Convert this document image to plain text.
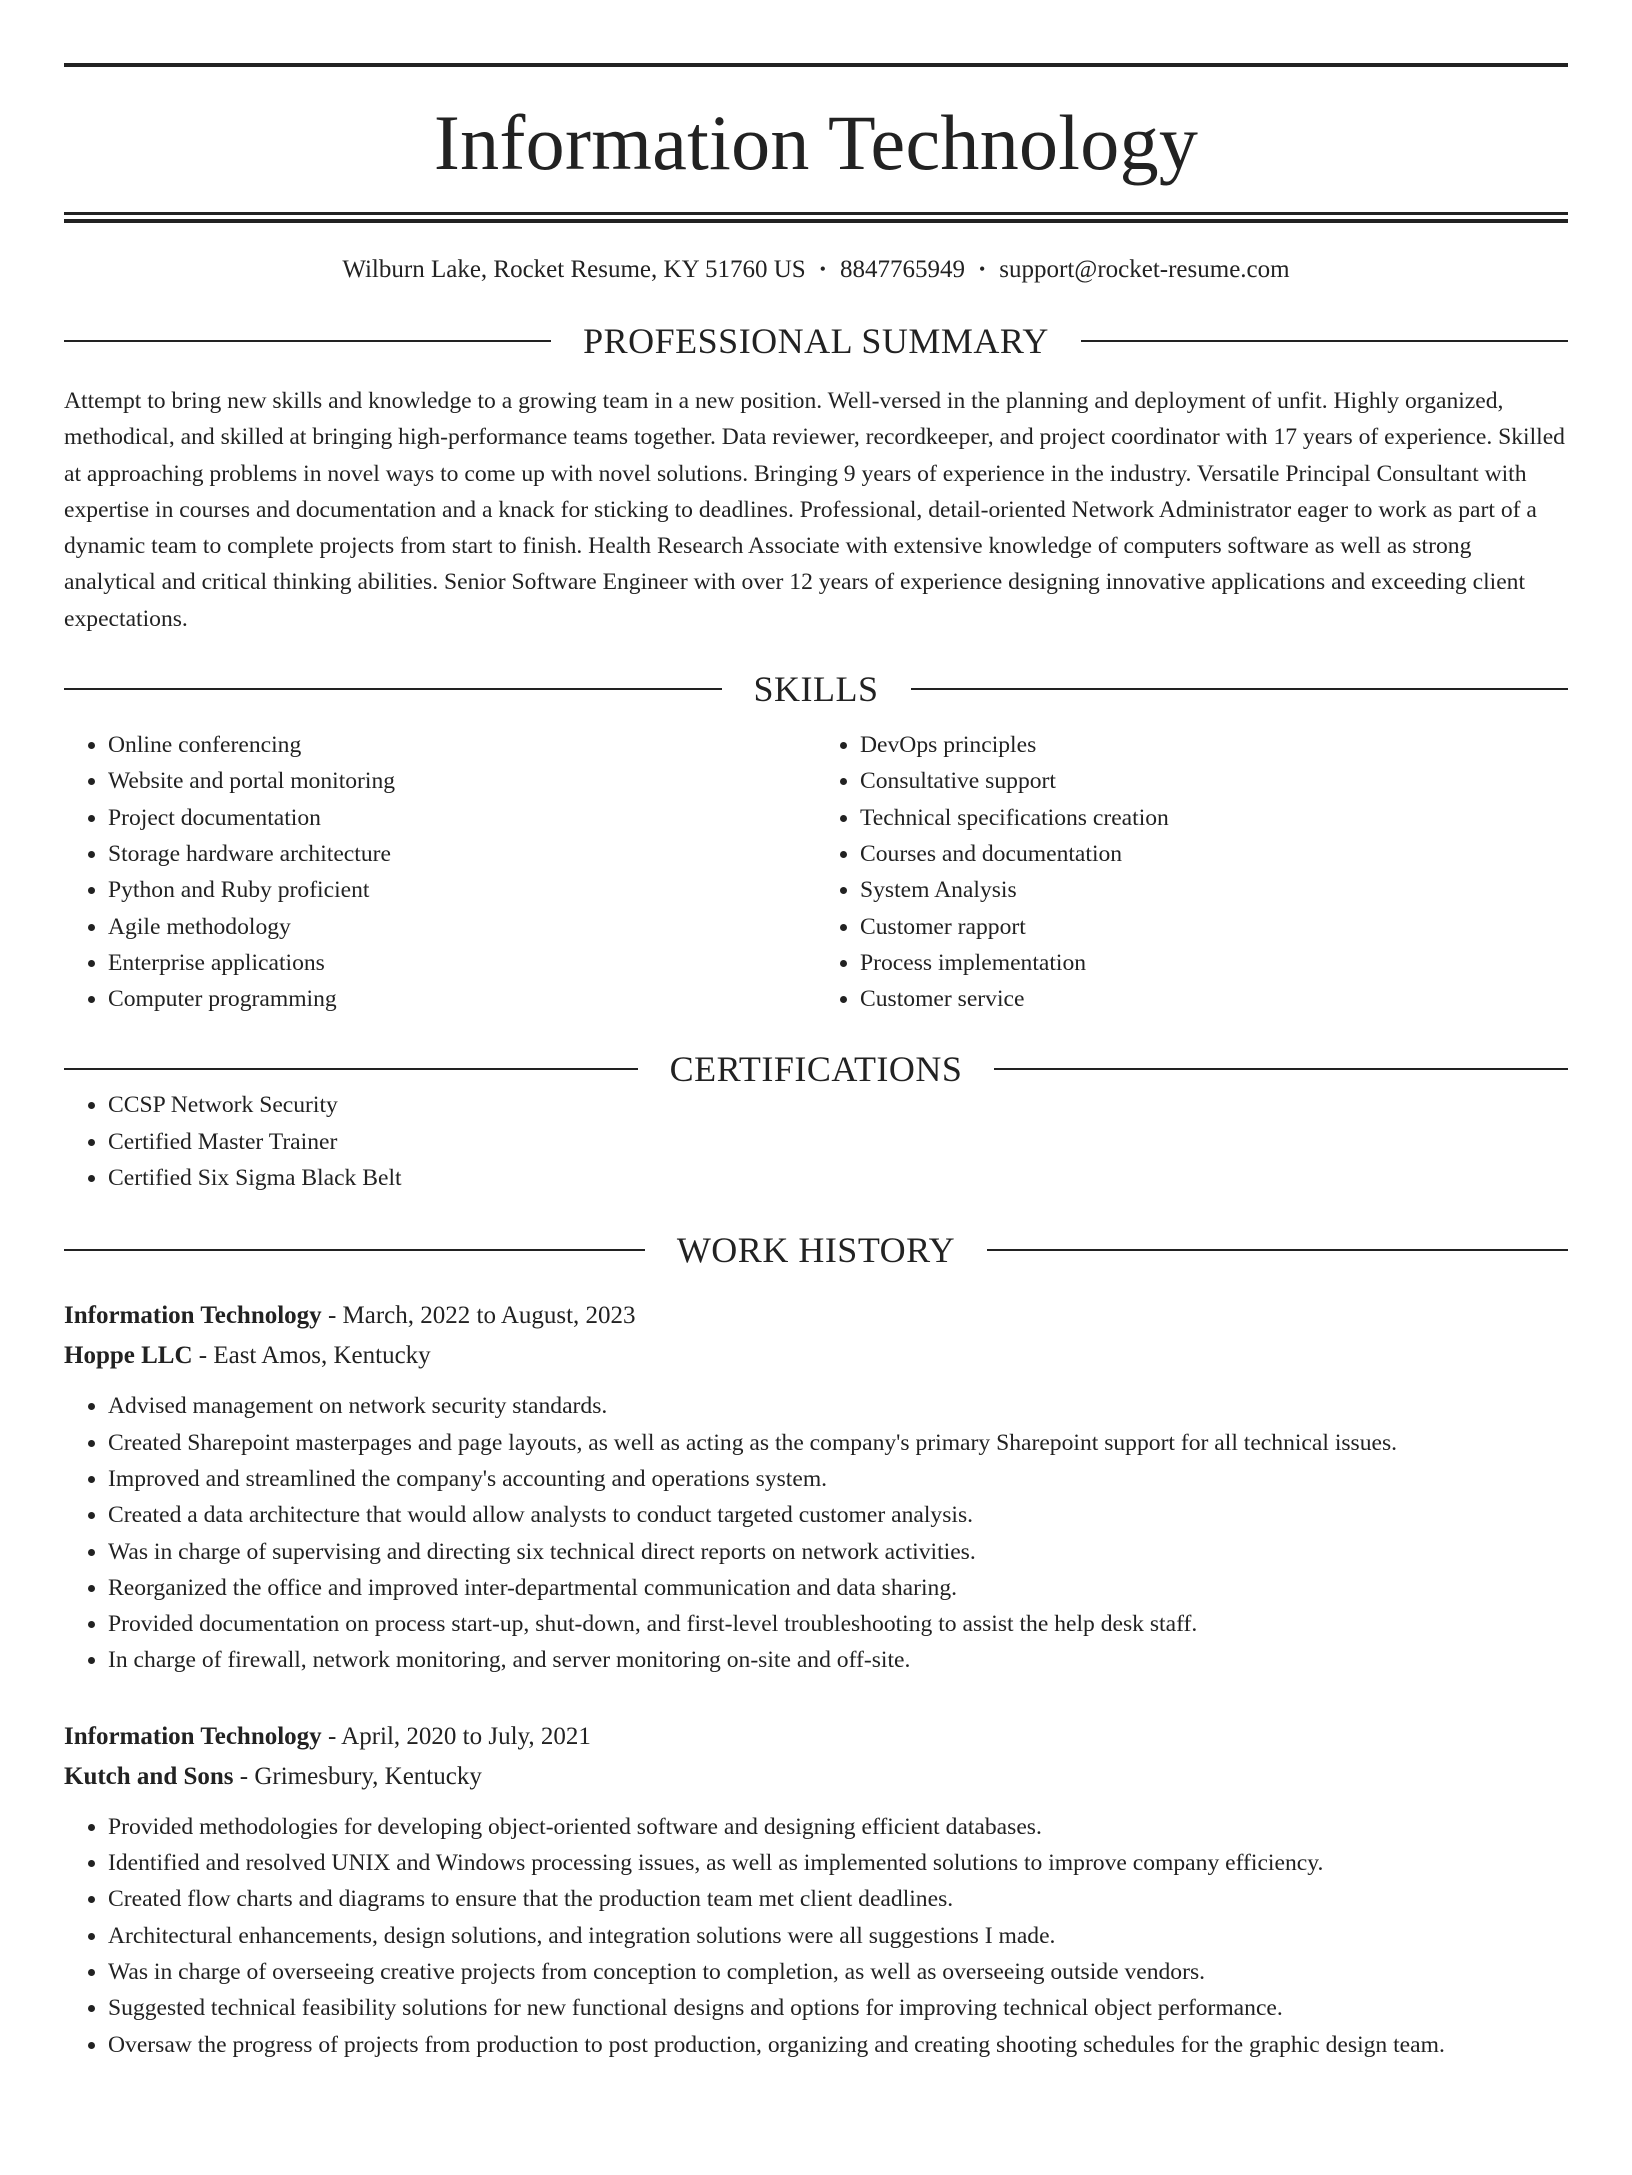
Information Technology
Wilburn Lake, Rocket Resume, KY 51760 US • 8847765949 • support@rocket-resume.com
PROFESSIONAL SUMMARY

Attempt to bring new skills and knowledge to a growing team in a new position. Well-versed in the planning and deployment of unfit. Highly organized, methodical, and skilled at bringing high-performance teams together. Data reviewer, recordkeeper, and project coordinator with 17 years of experience. Skilled at approaching problems in novel ways to come up with novel solutions. Bringing 9 years of experience in the industry. Versatile Principal Consultant with expertise in courses and documentation and a knack for sticking to deadlines. Professional, detail-oriented Network Administrator eager to work as part of a dynamic team to complete projects from start to finish. Health Research Associate with extensive knowledge of computers software as well as strong analytical and critical thinking abilities. Senior Software Engineer with over 12 years of experience designing innovative applications and exceeding client expectations.

SKILLS
• Online conferencing
• Website and portal monitoring
• Project documentation
• Storage hardware architecture
• Python and Ruby proficient
• Agile methodology
• Enterprise applications
• Computer programming
• DevOps principles
• Consultative support
• Technical specifications creation
• Courses and documentation
• System Analysis
• Customer rapport
• Process implementation
• Customer service
CERTIFICATIONS
• CCSP Network Security
• Certified Master Trainer
• Certified Six Sigma Black Belt
WORK HISTORY
Information Technology - March, 2022 to August, 2023
Hoppe LLC - East Amos, Kentucky
• Advised management on network security standards.
• Created Sharepoint masterpages and page layouts, as well as acting as the company's primary Sharepoint support for all technical issues.
• Improved and streamlined the company's accounting and operations system.
• Created a data architecture that would allow analysts to conduct targeted customer analysis.
• Was in charge of supervising and directing six technical direct reports on network activities.
• Reorganized the office and improved inter-departmental communication and data sharing.
• Provided documentation on process start-up, shut-down, and first-level troubleshooting to assist the help desk staff.
• In charge of firewall, network monitoring, and server monitoring on-site and off-site.
Information Technology - April, 2020 to July, 2021
Kutch and Sons - Grimesbury, Kentucky
• Provided methodologies for developing object-oriented software and designing efficient databases.
• Identified and resolved UNIX and Windows processing issues, as well as implemented solutions to improve company efficiency.
• Created flow charts and diagrams to ensure that the production team met client deadlines.
• Architectural enhancements, design solutions, and integration solutions were all suggestions I made.
• Was in charge of overseeing creative projects from conception to completion, as well as overseeing outside vendors.
• Suggested technical feasibility solutions for new functional designs and options for improving technical object performance.
• Oversaw the progress of projects from production to post production, organizing and creating shooting schedules for the graphic design team.
